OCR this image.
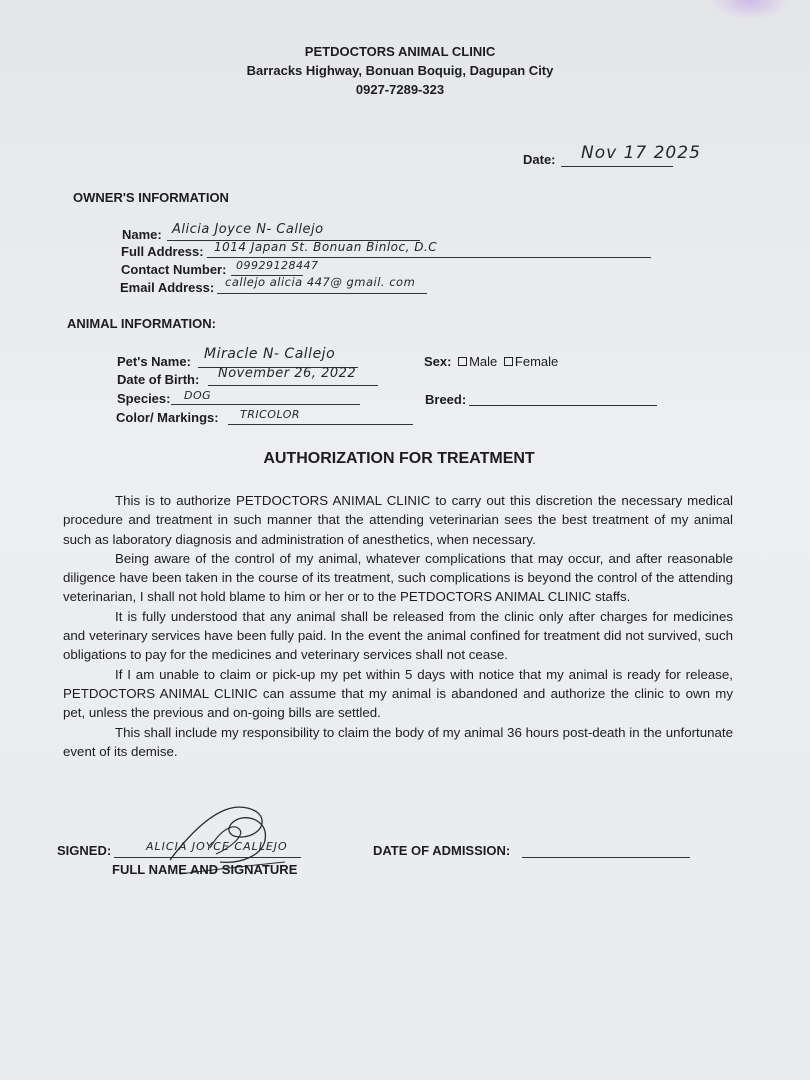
PETDOCTORS ANIMAL CLINIC
Barracks Highway, Bonuan Boquig, Dagupan City
0927-7289-323
Date: Nov 17 2025
OWNER'S INFORMATION
Name: Alicia Joyce N- Callejo
Full Address: 1014 Japan St. Bonuan Binloc, D.C
Contact Number: 09929128447
Email Address: callejo alicia 447@ gmail. com
ANIMAL INFORMATION:
Pet's Name: Miracle N- Callejo
Date of Birth: November 26, 2022
Species: DOG
Color/ Markings: TRICOLOR
Sex: Male Female
Breed:
AUTHORIZATION FOR TREATMENT

This is to authorize PETDOCTORS ANIMAL CLINIC to carry out this discretion the necessary medical procedure and treatment in such manner that the attending veterinarian sees the best treatment of my animal such as laboratory diagnosis and administration of anesthetics, when necessary.

Being aware of the control of my animal, whatever complications that may occur, and after reasonable diligence have been taken in the course of its treatment, such complications is beyond the control of the attending veterinarian, I shall not hold blame to him or her or to the PETDOCTORS ANIMAL CLINIC staffs.

It is fully understood that any animal shall be released from the clinic only after charges for medicines and veterinary services have been fully paid. In the event the animal confined for treatment did not survived, such obligations to pay for the medicines and veterinary services shall not cease.

If I am unable to claim or pick-up my pet within 5 days with notice that my animal is ready for release, PETDOCTORS ANIMAL CLINIC can assume that my animal is abandoned and authorize the clinic to own my pet, unless the previous and on-going bills are settled.

This shall include my responsibility to claim the body of my animal 36 hours post-death in the unfortunate event of its demise.

SIGNED:	ALICIA JOYCE CALLEJO
FULL NAME AND SIGNATURE
DATE OF ADMISSION:
